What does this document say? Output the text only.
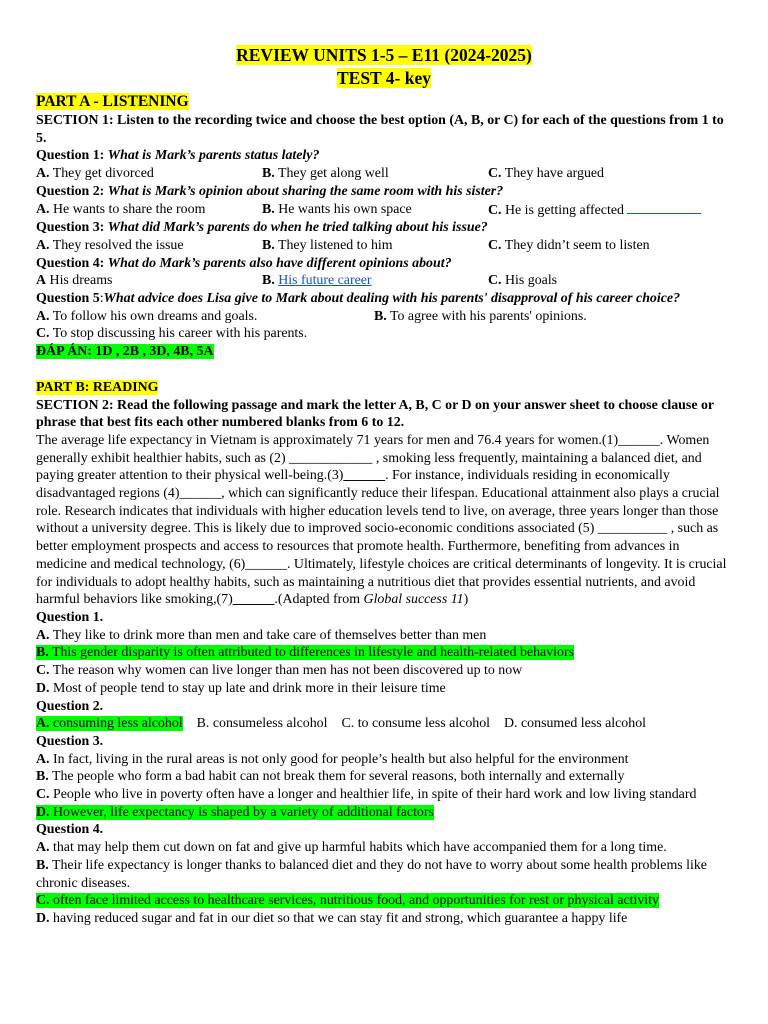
REVIEW UNITS 1-5 – E11 (2024-2025)
TEST 4- key
PART A - LISTENING
SECTION 1: Listen to the recording twice and choose the best option (A, B, or C) for each of the questions from 1 to 5.
Question 1: What is Mark’s parents status lately?
A. They get divorced	B. They get along well	C. They have argued
Question 2: What is Mark’s opinion about sharing the same room with his sister?
A. He wants to share the room	B. He wants his own space	C. He is getting affected
Question 3: What did Mark’s parents do when he tried talking about his issue?
A. They resolved the issue	B. They listened to him	C. They didn’t seem to listen
Question 4: What do Mark’s parents also have different opinions about?
A His dreams	B. His future career	C. His goals
Question 5:What advice does Lisa give to Mark about dealing with his parents' disapproval of his career choice?
A. To follow his own dreams and goals.	B. To agree with his parents' opinions.
C. To stop discussing his career with his parents.
ĐÁP ÁN: 1D , 2B , 3D, 4B, 5A
PART B: READING
SECTION 2: Read the following passage and mark the letter A, B, C or D on your answer sheet to choose clause or phrase that best fits each other numbered blanks from 6 to 12.
The average life expectancy in Vietnam is approximately 71 years for men and 76.4 years for women.(1)______. Women generally exhibit healthier habits, such as (2) ____________ , smoking less frequently, maintaining a balanced diet, and paying greater attention to their physical well-being.(3)______. For instance, individuals residing in economically disadvantaged regions (4)______, which can significantly reduce their lifespan. Educational attainment also plays a crucial role. Research indicates that individuals with higher education levels tend to live, on average, three years longer than those without a university degree. This is likely due to improved socio-economic conditions associated (5) __________ , such as better employment prospects and access to resources that promote health. Furthermore, benefiting from advances in medicine and medical technology, (6)______. Ultimately, lifestyle choices are critical determinants of longevity. It is crucial for individuals to adopt healthy habits, such as maintaining a nutritious diet that provides essential nutrients, and avoid harmful behaviors like smoking,(7)______.(Adapted from Global success 11)
Question 1.
A. They like to drink more than men and take care of themselves better than men
B. This gender disparity is often attributed to differences in lifestyle and health-related behaviors
C. The reason why women can live longer than men has not been discovered up to now
D. Most of people tend to stay up late and drink more in their leisure time
Question 2.
A. consuming less alcohol B. consumeless alcohol C. to consume less alcohol D. consumed less alcohol
Question 3.
A. In fact, living in the rural areas is not only good for people’s health but also helpful for the environment
B. The people who form a bad habit can not break them for several reasons, both internally and externally
C. People who live in poverty often have a longer and healthier life, in spite of their hard work and low living standard
D. However, life expectancy is shaped by a variety of additional factors
Question 4.
A. that may help them cut down on fat and give up harmful habits which have accompanied them for a long time.
B. Their life expectancy is longer thanks to balanced diet and they do not have to worry about some health problems like chronic diseases.
C. often face limited access to healthcare services, nutritious food, and opportunities for rest or physical activity
D. having reduced sugar and fat in our diet so that we can stay fit and strong, which guarantee a happy life
